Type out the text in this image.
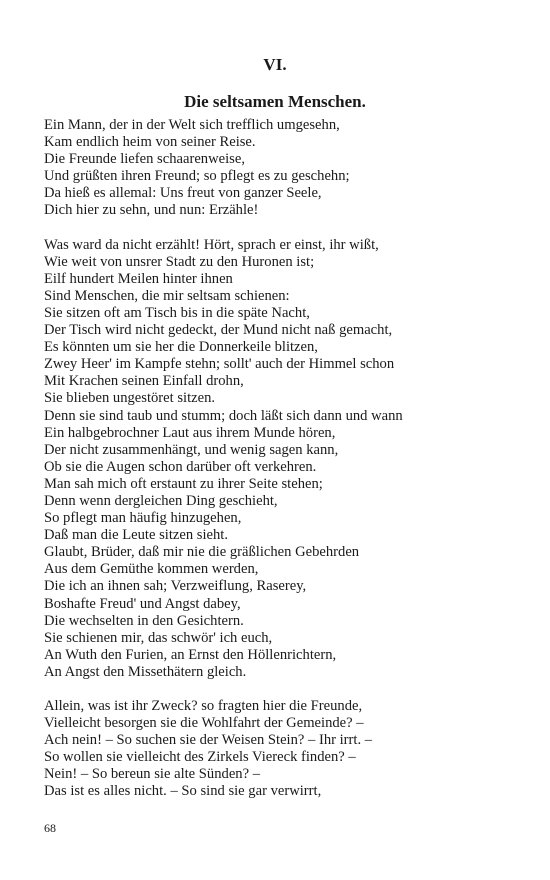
VI.
Die seltsamen Menschen.
Ein Mann, der in der Welt sich trefflich umgesehn,
Kam endlich heim von seiner Reise.
Die Freunde liefen schaarenweise,
Und grüßten ihren Freund; so pflegt es zu geschehn;
Da hieß es allemal: Uns freut von ganzer Seele,
Dich hier zu sehn, und nun: Erzähle!
Was ward da nicht erzählt! Hört, sprach er einst, ihr wißt,
Wie weit von unsrer Stadt zu den Huronen ist;
Eilf hundert Meilen hinter ihnen
Sind Menschen, die mir seltsam schienen:
Sie sitzen oft am Tisch bis in die späte Nacht,
Der Tisch wird nicht gedeckt, der Mund nicht naß gemacht,
Es könnten um sie her die Donnerkeile blitzen,
Zwey Heer' im Kampfe stehn; sollt' auch der Himmel schon
Mit Krachen seinen Einfall drohn,
Sie blieben ungestöret sitzen.
Denn sie sind taub und stumm; doch läßt sich dann und wann
Ein halbgebrochner Laut aus ihrem Munde hören,
Der nicht zusammenhängt, und wenig sagen kann,
Ob sie die Augen schon darüber oft verkehren.
Man sah mich oft erstaunt zu ihrer Seite stehen;
Denn wenn dergleichen Ding geschieht,
So pflegt man häufig hinzugehen,
Daß man die Leute sitzen sieht.
Glaubt, Brüder, daß mir nie die gräßlichen Gebehrden
Aus dem Gemüthe kommen werden,
Die ich an ihnen sah; Verzweiflung, Raserey,
Boshafte Freud' und Angst dabey,
Die wechselten in den Gesichtern.
Sie schienen mir, das schwör' ich euch,
An Wuth den Furien, an Ernst den Höllenrichtern,
An Angst den Missethätern gleich.
Allein, was ist ihr Zweck? so fragten hier die Freunde,
Vielleicht besorgen sie die Wohlfahrt der Gemeinde? –
Ach nein! – So suchen sie der Weisen Stein? – Ihr irrt. –
So wollen sie vielleicht des Zirkels Viereck finden? –
Nein! – So bereun sie alte Sünden? –
Das ist es alles nicht. – So sind sie gar verwirrt,
68
